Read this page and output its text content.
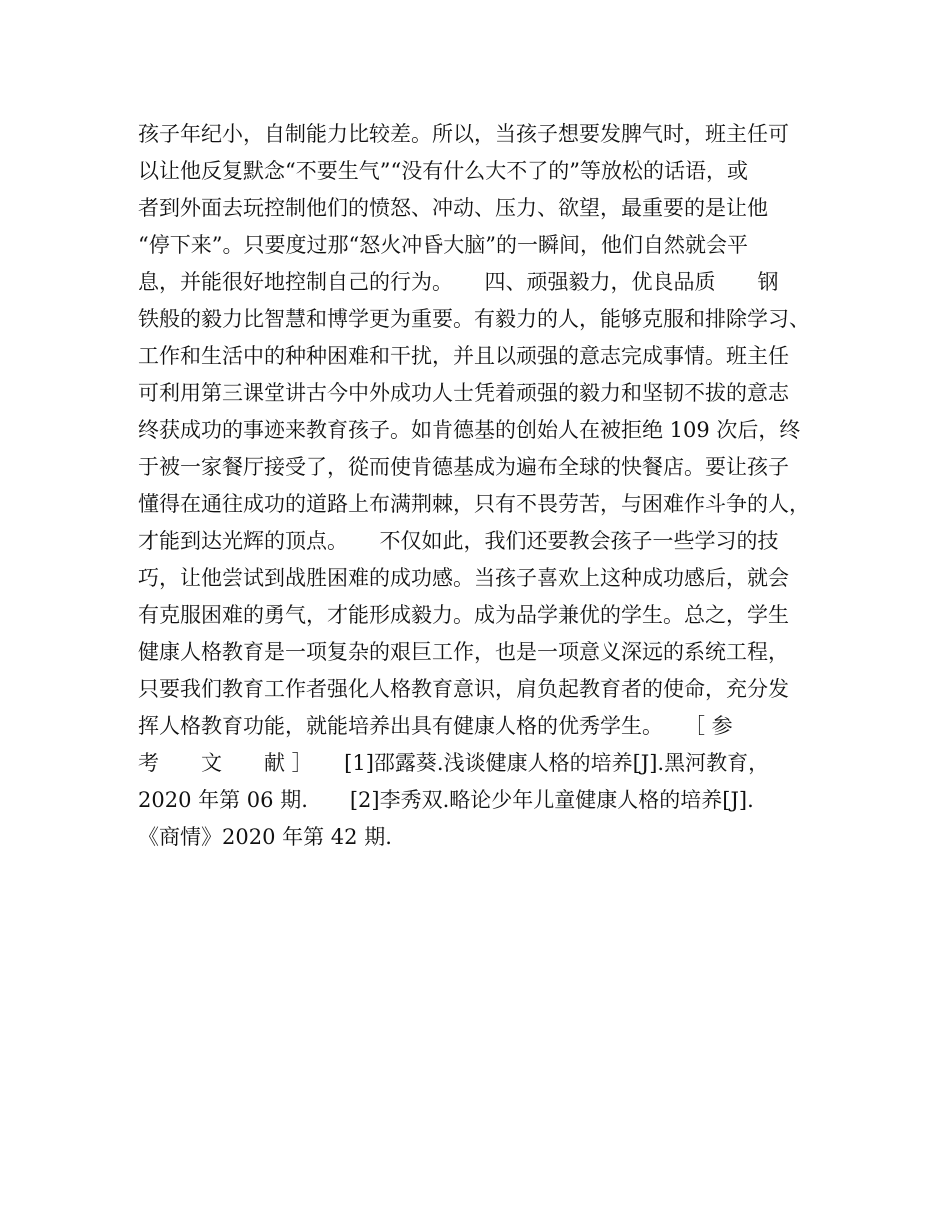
孩子年纪小，自制能力比较差。所以，当孩子想要发脾气时，班主任可
以让他反复默念“不要生气”“没有什么大不了的”等放松的话语，或
者到外面去玩控制他们的愤怒、冲动、压力、欲望，最重要的是让他
“停下来”。只要度过那“怒火冲昏大脑”的一瞬间，他们自然就会平
息，并能很好地控制自己的行为。　　四、顽强毅力，优良品质　　钢
铁般的毅力比智慧和博学更为重要。有毅力的人，能够克服和排除学习、
工作和生活中的种种困难和干扰，并且以顽强的意志完成事情。班主任
可利用第三课堂讲古今中外成功人士凭着顽强的毅力和坚韧不拔的意志
终获成功的事迹来教育孩子。如肯德基的创始人在被拒绝 109 次后，终
于被一家餐厅接受了，從而使肯德基成为遍布全球的快餐店。要让孩子
懂得在通往成功的道路上布满荆棘，只有不畏劳苦，与困难作斗争的人，
才能到达光辉的顶点。　　不仅如此，我们还要教会孩子一些学习的技
巧，让他尝试到战胜困难的成功感。当孩子喜欢上这种成功感后，就会
有克服困难的勇气，才能形成毅力。成为品学兼优的学生。总之，学生
健康人格教育是一项复杂的艰巨工作，也是一项意义深远的系统工程，
只要我们教育工作者强化人格教育意识，肩负起教育者的使命，充分发
挥人格教育功能，就能培养出具有健康人格的优秀学生。　　［ 参
考　　文　　献 ］　　[1]邵露葵.浅谈健康人格的培养[J].黑河教育，
2020 年第 06 期.　　[2]李秀双.略论少年儿童健康人格的培养[J].
《商情》2020 年第 42 期.
